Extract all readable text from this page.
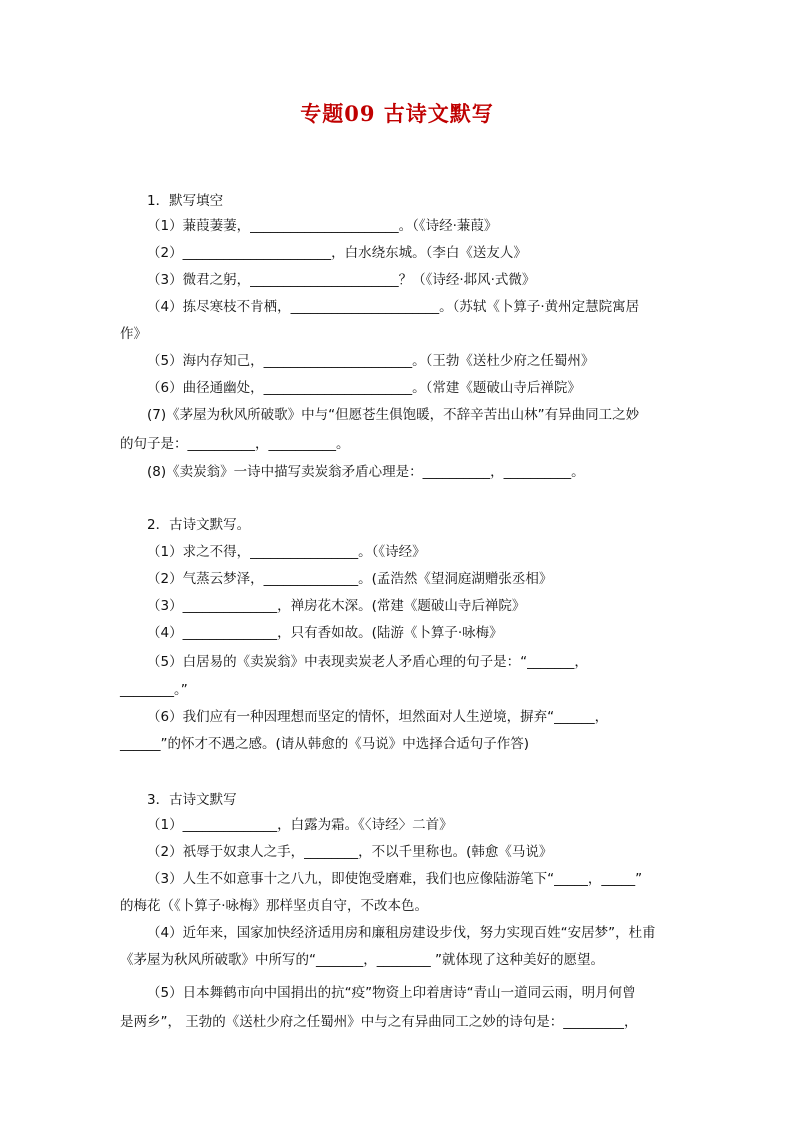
专题09 古诗文默写
1．默写填空
（1）蒹葭萋萋，______________________。（《诗经·蒹葭》
（2）______________________，白水绕东城。（李白《送友人》
（3）微君之躬，______________________？（《诗经·邶风·式微》
（4）拣尽寒枝不肯栖，______________________。（苏轼《卜算子·黄州定慧院寓居
作》
（5）海内存知己，______________________。（王勃《送杜少府之任蜀州》
（6）曲径通幽处，______________________。（常建《题破山寺后禅院》
(7)《茅屋为秋风所破歌》中与“但愿苍生俱饱暖，不辞辛苦出山林”有异曲同工之妙
的句子是：__________，__________。
(8)《卖炭翁》一诗中描写卖炭翁矛盾心理是：__________，__________。
2．古诗文默写。
（1）求之不得，________________。（《诗经》
（2）气蒸云梦泽，______________。(孟浩然《望洞庭湖赠张丞相》
（3）______________，禅房花木深。(常建《题破山寺后禅院》
（4）______________，只有香如故。(陆游《卜算子·咏梅》
（5）白居易的《卖炭翁》中表现卖炭老人矛盾心理的句子是：“_______，
________。”
（6）我们应有一种因理想而坚定的情怀，坦然面对人生逆境，摒弃“______，
______”的怀才不遇之感。(请从韩愈的《马说》中选择合适句子作答)
3．古诗文默写
（1）______________，白露为霜。《〈诗经〉二首》
（2）祇辱于奴隶人之手，________，不以千里称也。(韩愈《马说》
（3）人生不如意事十之八九，即使饱受磨难，我们也应像陆游笔下“_____，_____”
的梅花（《卜算子·咏梅》那样坚贞自守，不改本色。
（4）近年来，国家加快经济适用房和廉租房建设步伐，努力实现百姓“安居梦”，杜甫
《茅屋为秋风所破歌》中所写的“_______，________ ”就体现了这种美好的愿望。
（5）日本舞鹤市向中国捐出的抗“疫”物资上印着唐诗“青山一道同云雨，明月何曾
是两乡”， 王勃的《送杜少府之任蜀州》中与之有异曲同工之妙的诗句是：_________，
